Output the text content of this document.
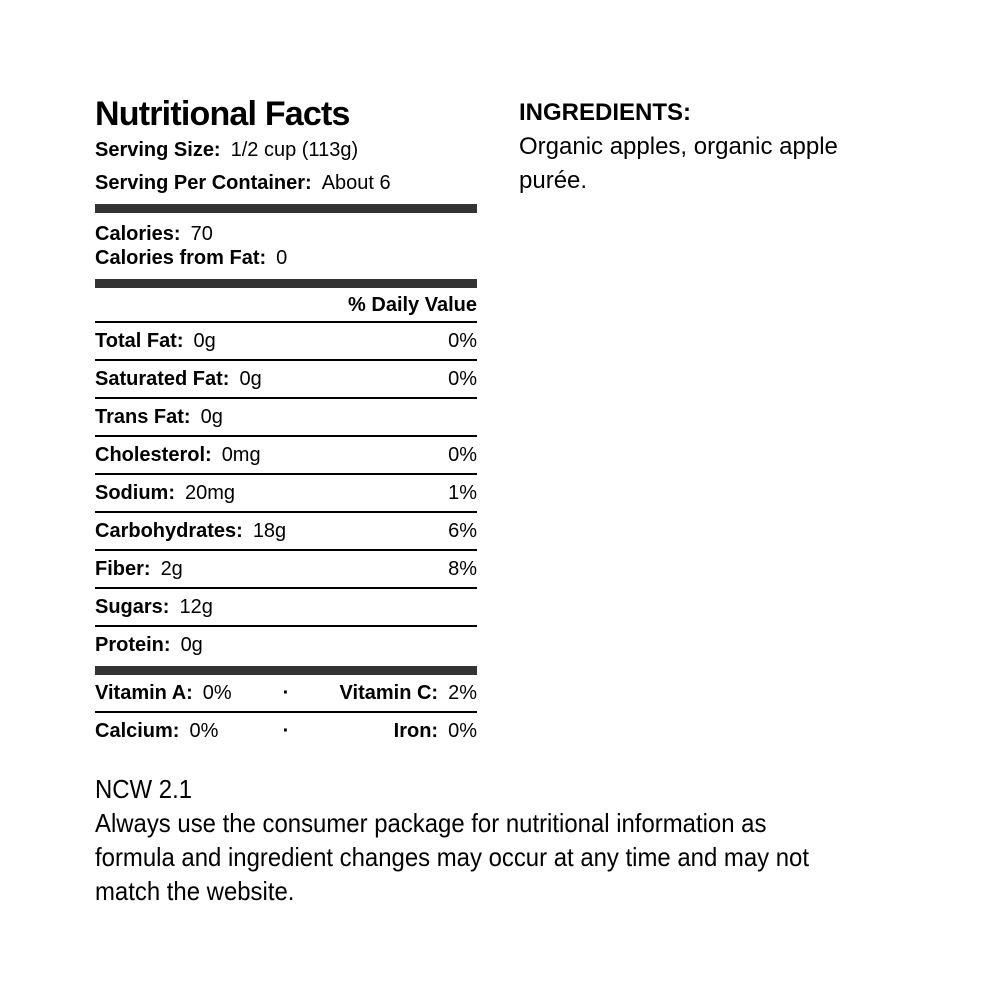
Nutritional Facts
Serving Size: 1/2 cup (113g)
Serving Per Container: About 6
Calories: 70
Calories from Fat: 0
% Daily Value
Total Fat: 0g	0%
Saturated Fat: 0g	0%
Trans Fat: 0g
Cholesterol: 0mg	0%
Sodium: 20mg	1%
Carbohydrates: 18g	6%
Fiber: 2g	8%
Sugars: 12g
Protein: 0g
Vitamin A: 0%	·	Vitamin C: 2%
Calcium: 0%	·	Iron: 0%
INGREDIENTS:

Organic apples, organic apple purée.

NCW 2.1
Always use the consumer package for nutritional information as
formula and ingredient changes may occur at any time and may not
match the website.
